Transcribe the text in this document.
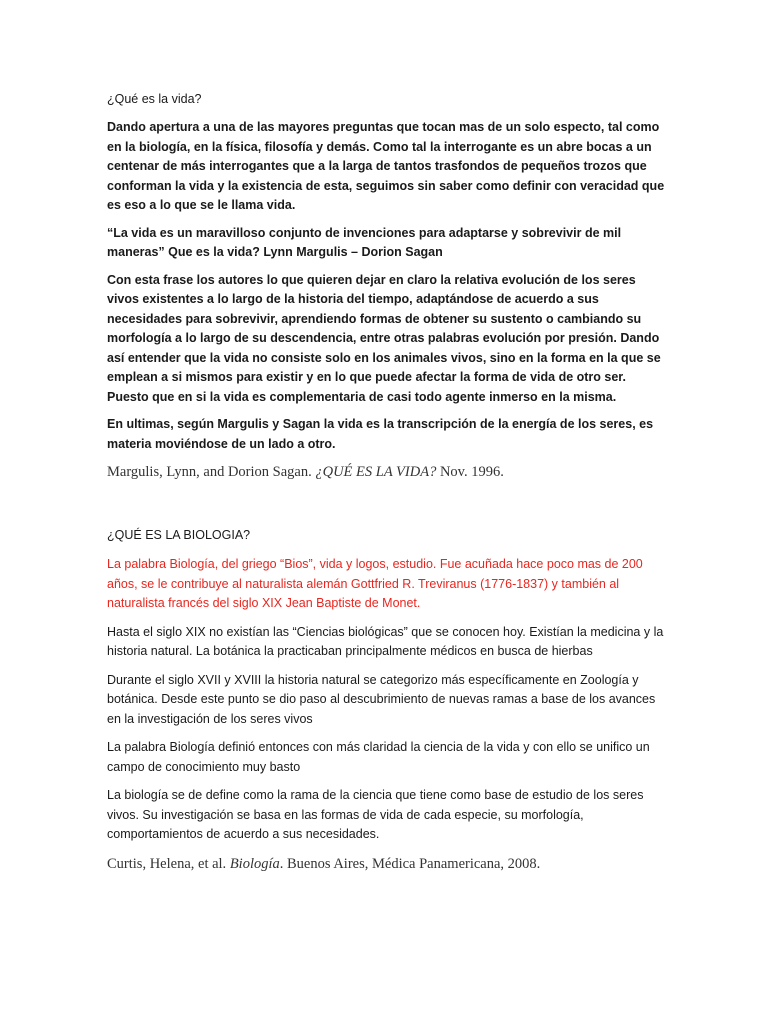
¿Qué es la vida?

Dando apertura a una de las mayores preguntas que tocan mas de un solo especto, tal como en la biología, en la física, filosofía y demás. Como tal la interrogante es un abre bocas a un centenar de más interrogantes que a la larga de tantos trasfondos de pequeños trozos que conforman la vida y la existencia de esta, seguimos sin saber como definir con veracidad que es eso a lo que se le llama vida.

“La vida es un maravilloso conjunto de invenciones para adaptarse y sobrevivir de mil maneras” Que es la vida? Lynn Margulis – Dorion Sagan

Con esta frase los autores lo que quieren dejar en claro la relativa evolución de los seres vivos existentes a lo largo de la historia del tiempo, adaptándose de acuerdo a sus necesidades para sobrevivir, aprendiendo formas de obtener su sustento o cambiando su morfología a lo largo de su descendencia, entre otras palabras evolución por presión. Dando así entender que la vida no consiste solo en los animales vivos, sino en la forma en la que se emplean a si mismos para existir y en lo que puede afectar la forma de vida de otro ser. Puesto que en si la vida es complementaria de casi todo agente inmerso en la misma.

En ultimas, según Margulis y Sagan la vida es la transcripción de la energía de los seres, es materia moviéndose de un lado a otro.

Margulis, Lynn, and Dorion Sagan. ¿QUÉ ES LA VIDA? Nov. 1996.

¿QUÉ ES LA BIOLOGIA?

La palabra Biología, del griego “Bios”, vida y logos, estudio. Fue acuñada hace poco mas de 200 años, se le contribuye al naturalista alemán Gottfried R. Treviranus (1776-1837) y también al naturalista francés del siglo XIX Jean Baptiste de Monet.

Hasta el siglo XIX no existían las “Ciencias biológicas” que se conocen hoy. Existían la medicina y la historia natural. La botánica la practicaban principalmente médicos en busca de hierbas

Durante el siglo XVII y XVIII la historia natural se categorizo más específicamente en Zoología y botánica. Desde este punto se dio paso al descubrimiento de nuevas ramas a base de los avances en la investigación de los seres vivos

La palabra Biología definió entonces con más claridad la ciencia de la vida y con ello se unifico un campo de conocimiento muy basto

La biología se de define como la rama de la ciencia que tiene como base de estudio de los seres vivos. Su investigación se basa en las formas de vida de cada especie, su morfología, comportamientos de acuerdo a sus necesidades.

Curtis, Helena, et al. Biología. Buenos Aires, Médica Panamericana, 2008.
